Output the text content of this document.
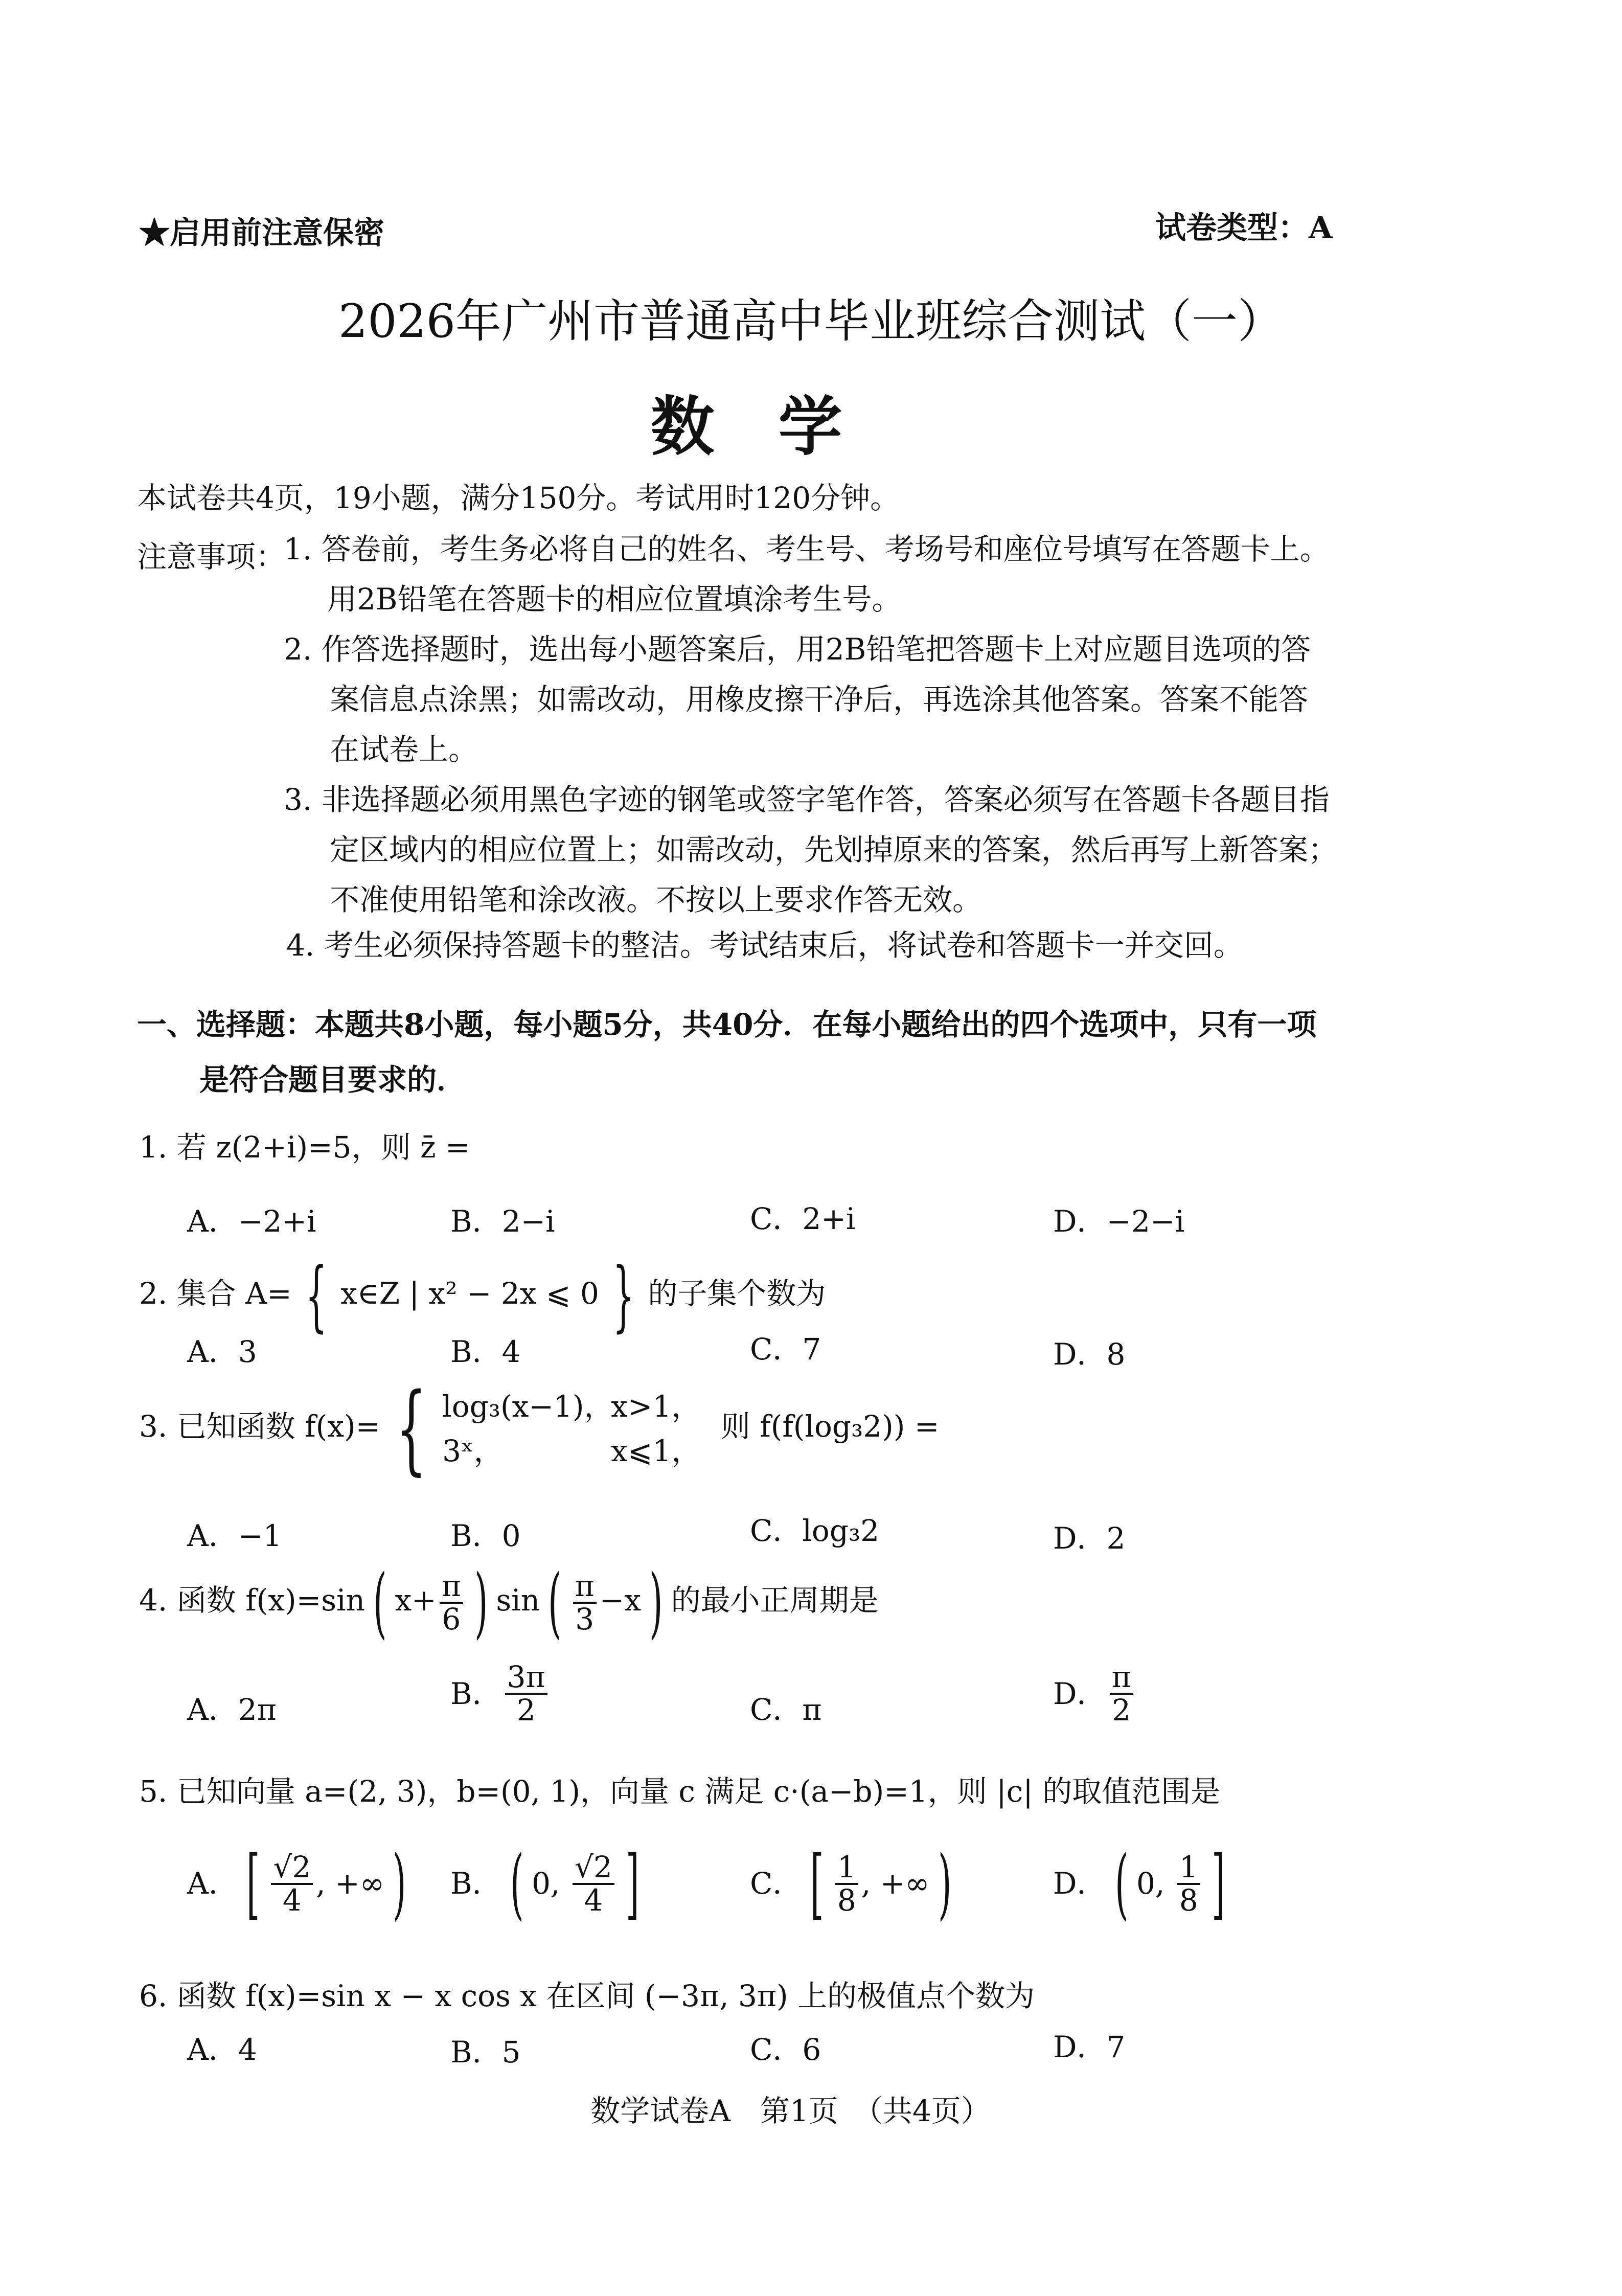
★启用前注意保密	试卷类型：A
2026年广州市普通高中毕业班综合测试（一）
数　学
本试卷共4页，19小题，满分150分。考试用时120分钟。
注意事项：
1. 答卷前，考生务必将自己的姓名、考生号、考场号和座位号填写在答题卡上。
用2B铅笔在答题卡的相应位置填涂考生号。
2. 作答选择题时，选出每小题答案后，用2B铅笔把答题卡上对应题目选项的答
案信息点涂黑；如需改动，用橡皮擦干净后，再选涂其他答案。答案不能答
在试卷上。
3. 非选择题必须用黑色字迹的钢笔或签字笔作答，答案必须写在答题卡各题目指
定区域内的相应位置上；如需改动，先划掉原来的答案，然后再写上新答案；
不准使用铅笔和涂改液。不按以上要求作答无效。
4. 考生必须保持答题卡的整洁。考试结束后，将试卷和答题卡一并交回。
一、选择题：本题共8小题，每小题5分，共40分．在每小题给出的四个选项中，只有一项
是符合题目要求的．
1. 若 z(2+i)=5，则 z̄ =
A．−2+i	B．2−i	C．2+i	D．−2−i
2. 集合 A= { x∈Z | x² − 2x ⩽ 0 } 的子集个数为
A．3	B．4	C．7	D．8
3. 已知函数 f(x)= { log₃(x−1)，x>1，
3ˣ，	x⩽1，
则 f(f(log₃2)) =
A．−1	B．0	C．log₃2	D．2
4. 函数 f(x)=sin ( $x+ \frac{\pi}{6}$ ) sin ( $\frac{\pi}{3} -x$ ) 的最小正周期是
A．2π	B． $\frac{3\pi}{2}$	C．π	D． $\frac{\pi}{2}$
5. 已知向量 a=(2, 3)，b=(0, 1)，向量 c 满足 c·(a−b)=1，则 |c| 的取值范围是
A． [ $\frac{√2}{4}$ , +∞ ) B． ( 0, $\frac{√2}{4}$ ]	C． [ $\frac{1}{8}$ , +∞ )	D． ( 0, $\frac{1}{8}$ ]
6. 函数 f(x)=sin x − x cos x 在区间 (−3π, 3π) 上的极值点个数为
A．4	B．5	C．6	D．7
数学试卷A　第1页　（共4页）
